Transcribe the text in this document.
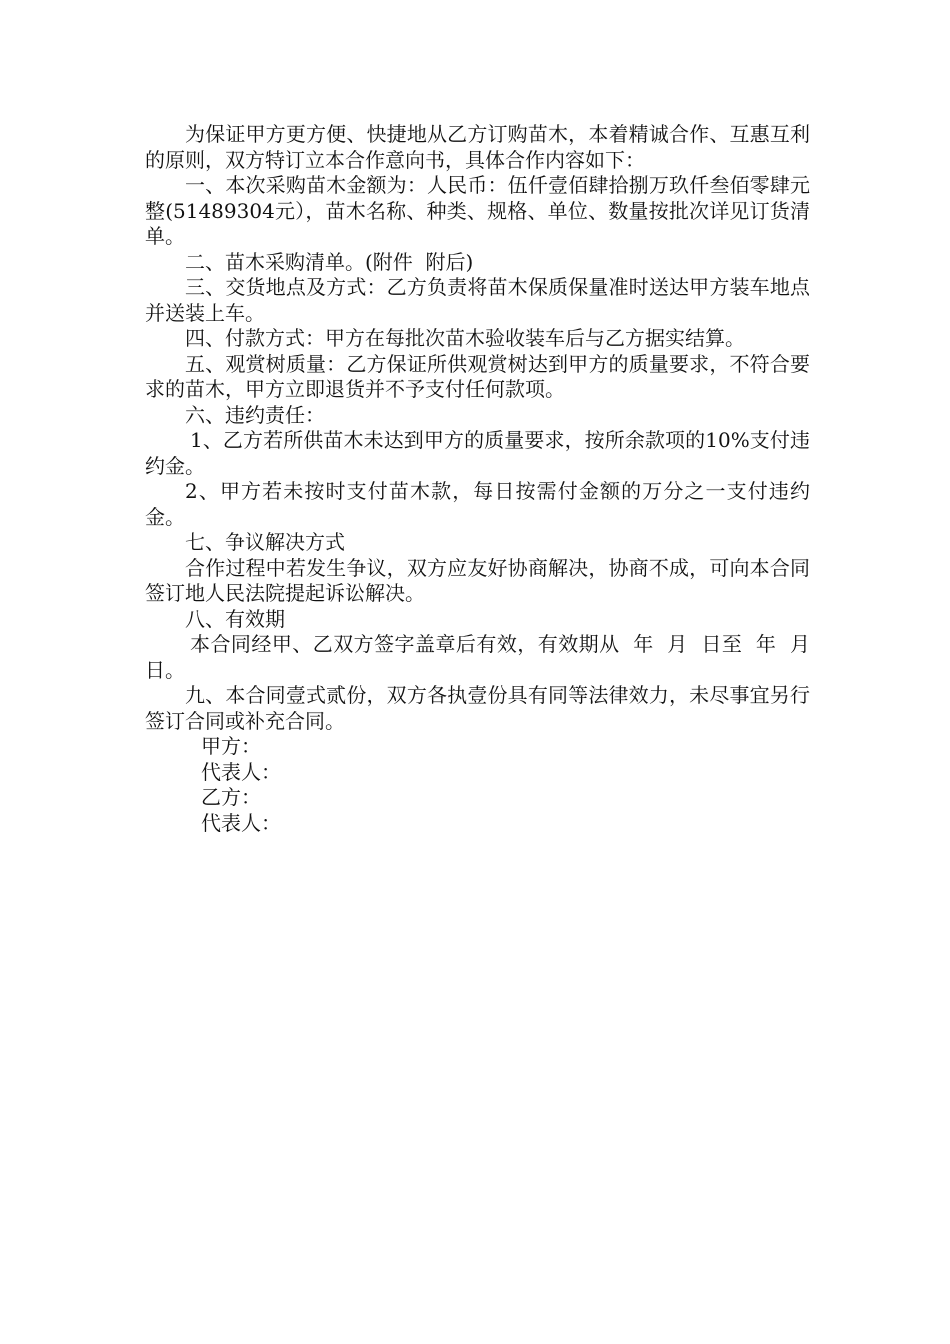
为保证甲方更方便、快捷地从乙方订购苗木，本着精诚合作、互惠互利的原则，双方特订立本合作意向书，具体合作内容如下：

一、本次采购苗木金额为：人民币：伍仟壹佰肆拾捌万玖仟叁佰零肆元整(51489304元），苗木名称、种类、规格、单位、数量按批次详见订货清单。

二、苗木采购清单。(附件  附后)

三、交货地点及方式：乙方负责将苗木保质保量准时送达甲方装车地点并送装上车。

四、付款方式：甲方在每批次苗木验收装车后与乙方据实结算。

五、观赏树质量：乙方保证所供观赏树达到甲方的质量要求，不符合要求的苗木，甲方立即退货并不予支付任何款项。

六、违约责任：

1、乙方若所供苗木未达到甲方的质量要求，按所余款项的10%支付违约金。

2、甲方若未按时支付苗木款，每日按需付金额的万分之一支付违约金。

七、争议解决方式

合作过程中若发生争议，双方应友好协商解决，协商不成，可向本合同签订地人民法院提起诉讼解决。

八、有效期

本合同经甲、乙双方签字盖章后有效，有效期从  年  月  日至  年  月  日。

九、本合同壹式贰份，双方各执壹份具有同等法律效力，未尽事宜另行签订合同或补充合同。

甲方：

代表人：

乙方：

代表人：
